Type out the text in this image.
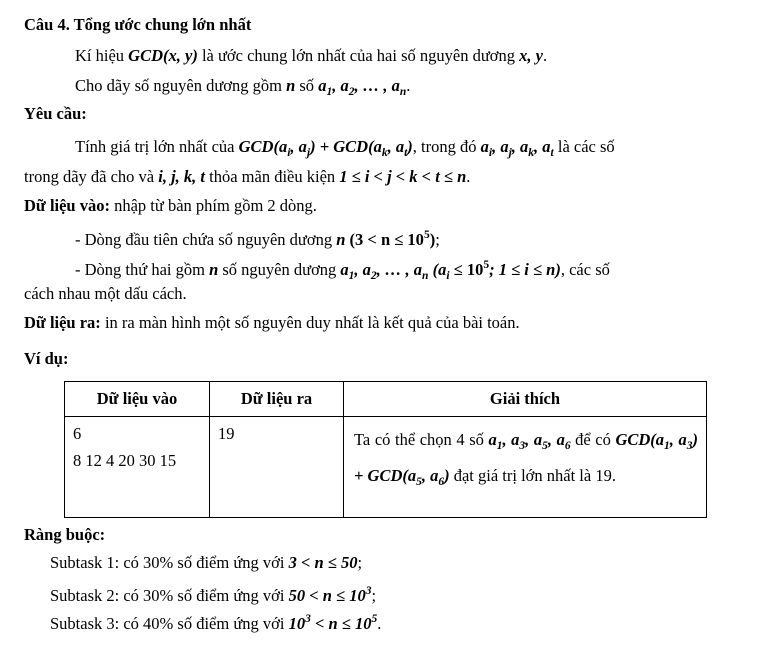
Câu 4. Tổng ước chung lớn nhất
Kí hiệu GCD(x, y) là ước chung lớn nhất của hai số nguyên dương x, y.
Cho dãy số nguyên dương gồm n số $a_1$, $a_2$, … , $a_n$.
Yêu cầu:
Tính giá trị lớn nhất của $GCD(a_i$, $a_j) + GCD(a_k$, $a_t$), trong đó $a_i$, $a_j$, $a_k$, $a_t$ là các số
trong dãy đã cho và i, j, k, t thỏa mãn điều kiện 1 ≤ i < j < k < t ≤ n.
Dữ liệu vào: nhập từ bàn phím gồm 2 dòng.
- Dòng đầu tiên chứa số nguyên dương n $(3 < n \le 10^5)$;
- Dòng thứ hai gồm n số nguyên dương $a_1$, $a_2$, … , $a_n$ ($a_i \le 10^5$; 1 ≤ i ≤ n), các số
cách nhau một dấu cách.
Dữ liệu ra: in ra màn hình một số nguyên duy nhất là kết quả của bài toán.
Ví dụ:
Dữ liệu vào	Dữ liệu ra	Giải thích

6
8 12 4 20 30 15	19	Ta có thể chọn 4 số $a_1$, $a_3$, $a_5$, $a_6$ để có $GCD(a_1$, $a_3) + GCD(a_5$, $a_6$) đạt giá trị lớn nhất là 19.
Ràng buộc:
Subtask 1: có 30% số điểm ứng với 3 < n ≤ 50;
Subtask 2: có 30% số điểm ứng với $50 < n \le 10^3$;
Subtask 3: có 40% số điểm ứng với $10^3 < n \le 10^5$.
